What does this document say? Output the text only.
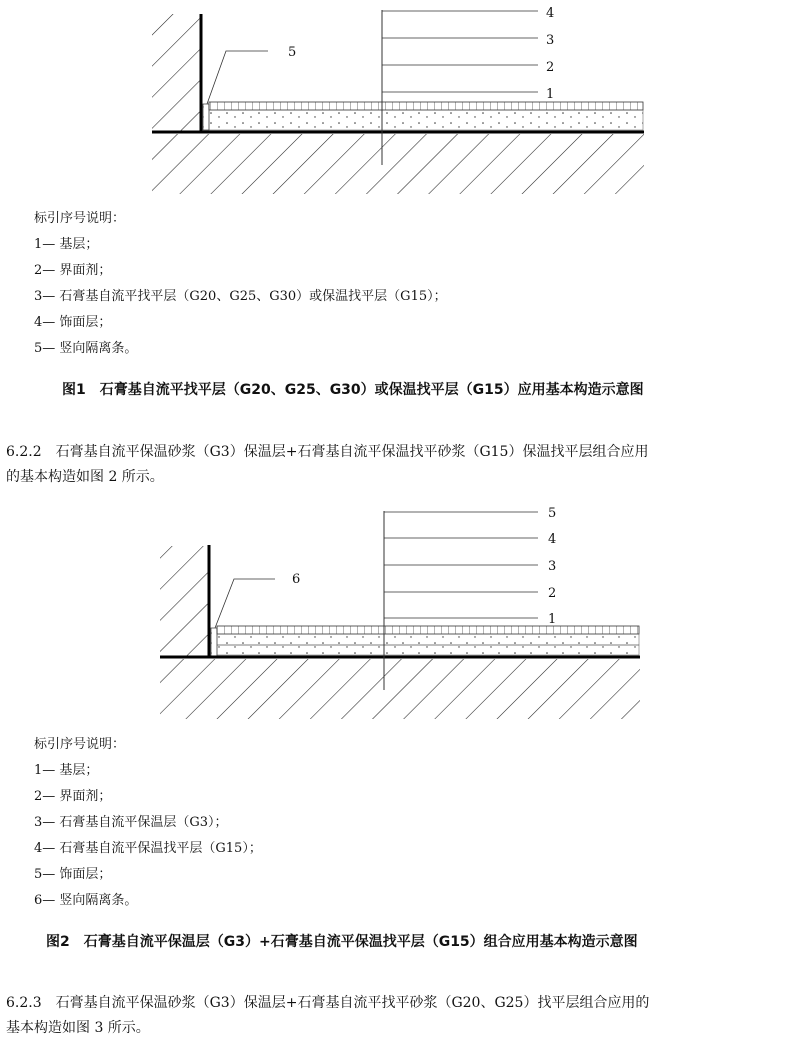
4
3
2
1
5
标引序号说明：
1— 基层；
2— 界面剂；
3— 石膏基自流平找平层（G20、G25、G30）或保温找平层（G15）；
4— 饰面层；
5— 竖向隔离条。
图1　石膏基自流平找平层（G20、G25、G30）或保温找平层（G15）应用基本构造示意图
6.2.2　石膏基自流平保温砂浆（G3）保温层+石膏基自流平保温找平砂浆（G15）保温找平层组合应用
的基本构造如图 2 所示。
5
4
3
2
1
6
标引序号说明：
1— 基层；
2— 界面剂；
3— 石膏基自流平保温层（G3）；
4— 石膏基自流平保温找平层（G15）；
5— 饰面层；
6— 竖向隔离条。
图2　石膏基自流平保温层（G3）+石膏基自流平保温找平层（G15）组合应用基本构造示意图
6.2.3　石膏基自流平保温砂浆（G3）保温层+石膏基自流平找平砂浆（G20、G25）找平层组合应用的
基本构造如图 3 所示。
